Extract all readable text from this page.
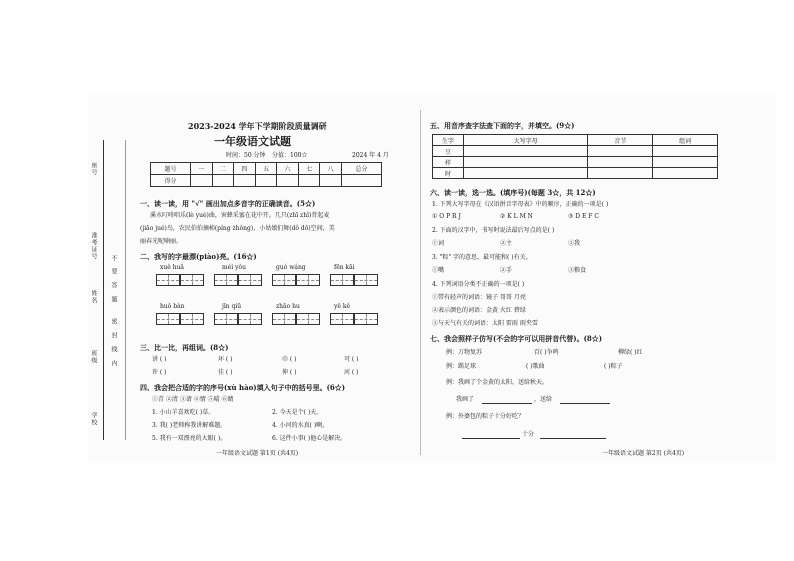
学校
班级
姓名
准考证号
座号
不
要
答
题
密
封
线
内
2023-2024 学年下学期阶段质量调研
一年级语文试题
时间：50 分钟 分值：100☆	2024 年 4 月
题号	一	二	四	五	六	七	八	总分
得分								
一、读一读，用 "√" 画出加点多音字的正确读音。(5☆)
溪水叮咚唱乐(lè yuè)曲，害蜂采蜜在花中开。几只(zhī zhǐ)背起麦
(jiāo jué)鸟，农民伯伯摘柿(píng zhǒng)，小姑娘们舞(dǒ dō)空间，美
丽春光呢喃丽。
二、我写的字最漂(piào)亮。(16☆)
xuě huā	méi yǒu	guó wáng	fēn kāi
huǒ bàn	jīn qiū	zhāo hu	yě kě
三、比一比，再组词。(8☆)
讲 ( )	坏 ( )	巾 ( )	可 ( )
许 ( )	佳 ( )	伸 ( )	河 ( )
四、我会把合适的字的序号(xù hào)填入句子中的括号里。(6☆)
①青 ②清 ③请 ④情 ⑤晴 ⑥睛
1. 小山羊喜欢吃( )草。	2. 今天是个( )天。
3. 我( )老师称我讲解难题。	4. 小河的水真( )啊。
5. 我有一双漂亮的大眼( )。	6. 这件小事( )他心是解决。
一年级语文试题 第1页 (共4页)
五、用音序查字法查下面的字，并填空。(9☆)
生字	大写字母	音节	组词
豆			
样			
时			
六、读一读，选一选。(填序号)(每题 3☆，共 12☆)
1. 下列大写字母在《汉语拼音字母表》中的顺序，正确的一项是( )
① O P R J	② K L M N	③ D E F C
2. 下面的汉字中，书写时说法最后写点的是( )
①词	②主	③我
3. "粽" 字的意思，最可能和( )有关。
①嘴	②手	③粮食
4. 下列词语分类不正确的一项是( )
①带有轻声的词语：镜子 哥哥 月亮
②表示颜色的词语：金黄 火红 碧绿
③与天气有关的词语：太阳 雷雨 雨夹雪
七、我会照样子仿写(不会的字可以用拼音代替)。(8☆)
例：万物复苏	百( )争鸣	柳绿( )红
例：踢足球	( )歌曲	( )粽子
例：我画了个金黄的太阳，送给秋天。
我画了	，送给
例：外婆包的粽子十分好吃？
十分
一年级语文试题 第2页 (共4页)
